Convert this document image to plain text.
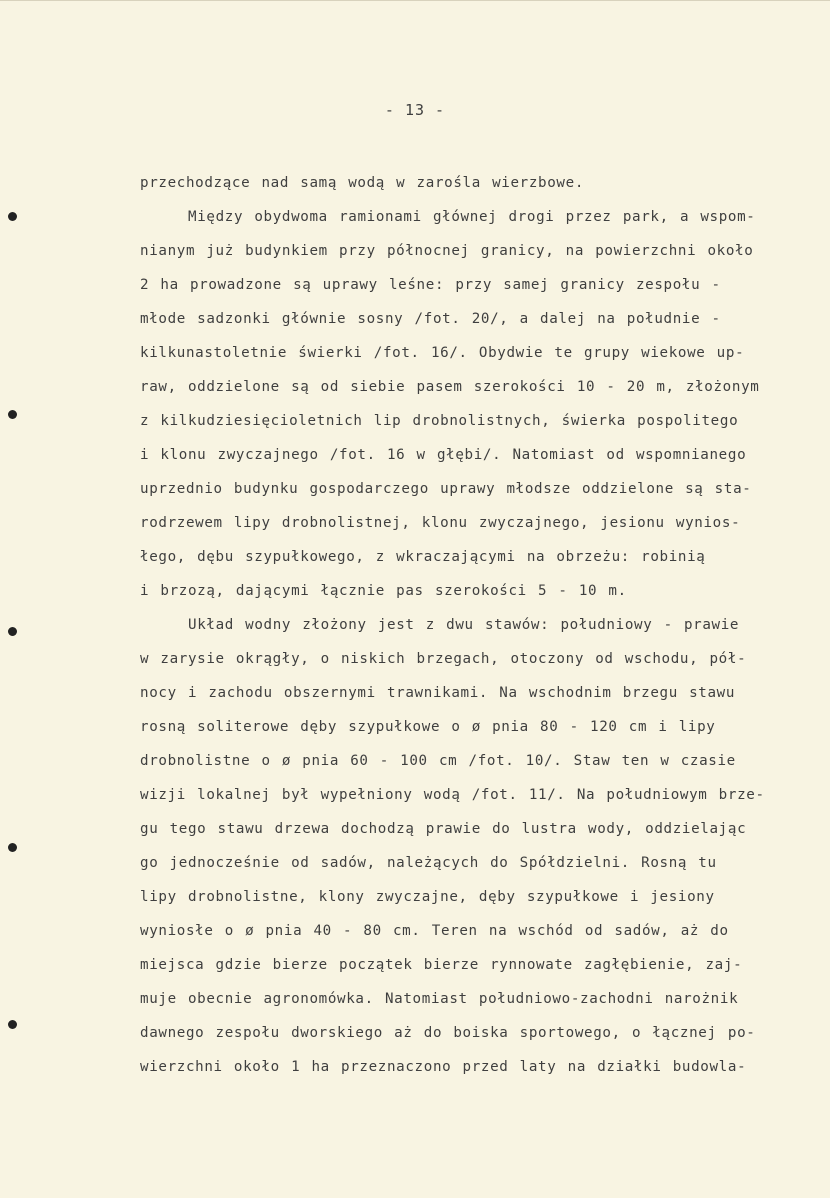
- 13 -
przechodzące nad samą wodą w zarośla wierzbowe.
Między obydwoma ramionami głównej drogi przez park, a wspom-
nianym już budynkiem przy północnej granicy, na powierzchni około
2 ha prowadzone są uprawy leśne: przy samej granicy zespołu -
młode sadzonki głównie sosny /fot. 20/, a dalej na południe -
kilkunastoletnie świerki /fot. 16/. Obydwie te grupy wiekowe up-
raw, oddzielone są od siebie pasem szerokości 10 - 20 m, złożonym
z kilkudziesięcioletnich lip drobnolistnych, świerka pospolitego
i klonu zwyczajnego /fot. 16 w głębi/. Natomiast od wspomnianego
uprzednio budynku gospodarczego uprawy młodsze oddzielone są sta-
rodrzewem lipy drobnolistnej, klonu zwyczajnego, jesionu wynios-
łego, dębu szypułkowego, z wkraczającymi na obrzeżu: robinią
i brzozą, dającymi łącznie pas szerokości 5 - 10 m.
Układ wodny złożony jest z dwu stawów: południowy - prawie
w zarysie okrągły, o niskich brzegach, otoczony od wschodu, pół-
nocy i zachodu obszernymi trawnikami. Na wschodnim brzegu stawu
rosną soliterowe dęby szypułkowe o ø pnia 80 - 120 cm i lipy
drobnolistne o ø pnia 60 - 100 cm /fot. 10/. Staw ten w czasie
wizji lokalnej był wypełniony wodą /fot. 11/. Na południowym brze-
gu tego stawu drzewa dochodzą prawie do lustra wody, oddzielając
go jednocześnie od sadów, należących do Spółdzielni. Rosną tu
lipy drobnolistne, klony zwyczajne, dęby szypułkowe i jesiony
wyniosłe o ø pnia 40 - 80 cm. Teren na wschód od sadów, aż do
miejsca gdzie bierze początek bierze rynnowate zagłębienie, zaj-
muje obecnie agronomówka. Natomiast południowo-zachodni narożnik
dawnego zespołu dworskiego aż do boiska sportowego, o łącznej po-
wierzchni około 1 ha przeznaczono przed laty na działki budowla-
